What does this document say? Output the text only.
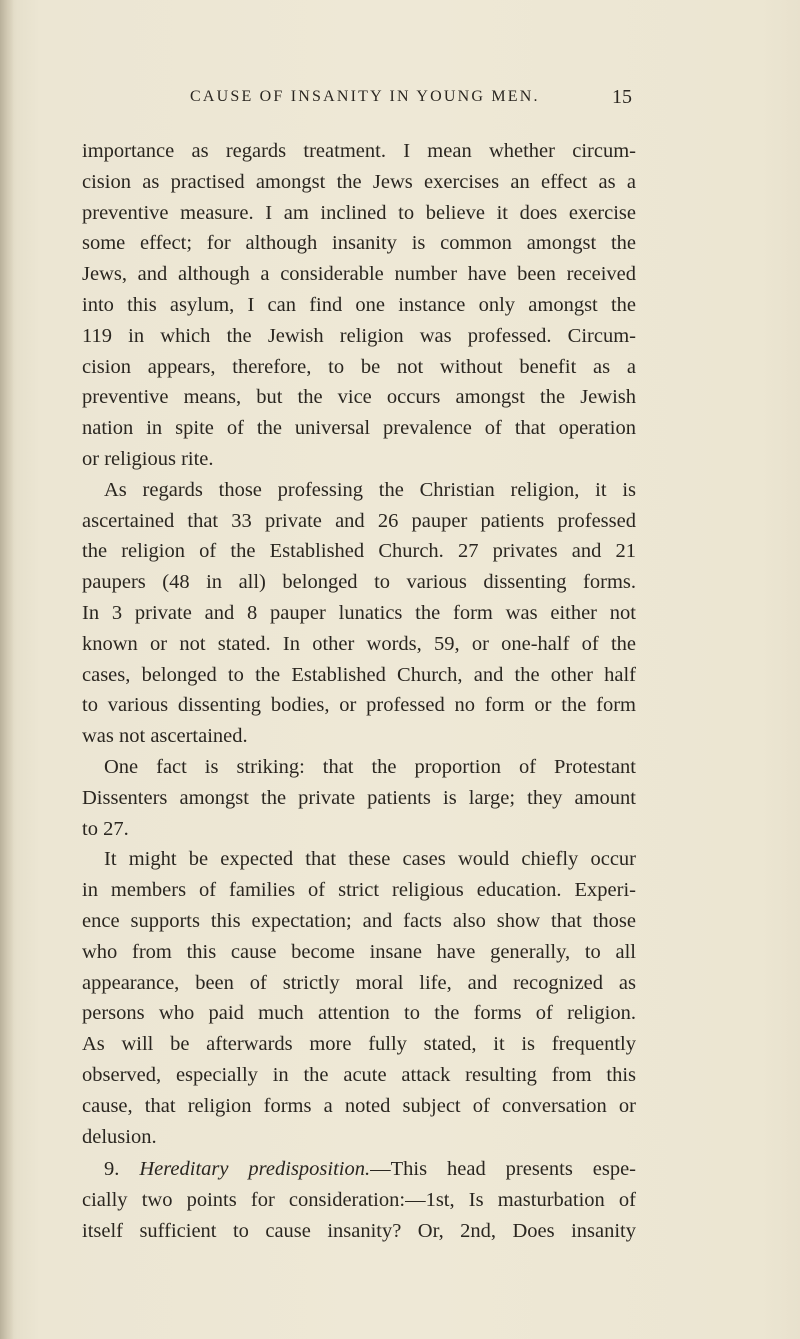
CAUSE OF INSANITY IN YOUNG MEN.	15
importance as regards treatment. I mean whether circum-
cision as practised amongst the Jews exercises an effect as a
preventive measure. I am inclined to believe it does exercise
some effect; for although insanity is common amongst the
Jews, and although a considerable number have been received
into this asylum, I can find one instance only amongst the
119 in which the Jewish religion was professed. Circum-
cision appears, therefore, to be not without benefit as a
preventive means, but the vice occurs amongst the Jewish
nation in spite of the universal prevalence of that operation
or religious rite.
As regards those professing the Christian religion, it is
ascertained that 33 private and 26 pauper patients professed
the religion of the Established Church. 27 privates and 21
paupers (48 in all) belonged to various dissenting forms.
In 3 private and 8 pauper lunatics the form was either not
known or not stated. In other words, 59, or one-half of the
cases, belonged to the Established Church, and the other half
to various dissenting bodies, or professed no form or the form
was not ascertained.
One fact is striking: that the proportion of Protestant
Dissenters amongst the private patients is large; they amount
to 27.
It might be expected that these cases would chiefly occur
in members of families of strict religious education. Experi-
ence supports this expectation; and facts also show that those
who from this cause become insane have generally, to all
appearance, been of strictly moral life, and recognized as
persons who paid much attention to the forms of religion.
As will be afterwards more fully stated, it is frequently
observed, especially in the acute attack resulting from this
cause, that religion forms a noted subject of conversation or
delusion.
9. Hereditary predisposition.—This head presents espe-
cially two points for consideration:—1st, Is masturbation of
itself sufficient to cause insanity? Or, 2nd, Does insanity
